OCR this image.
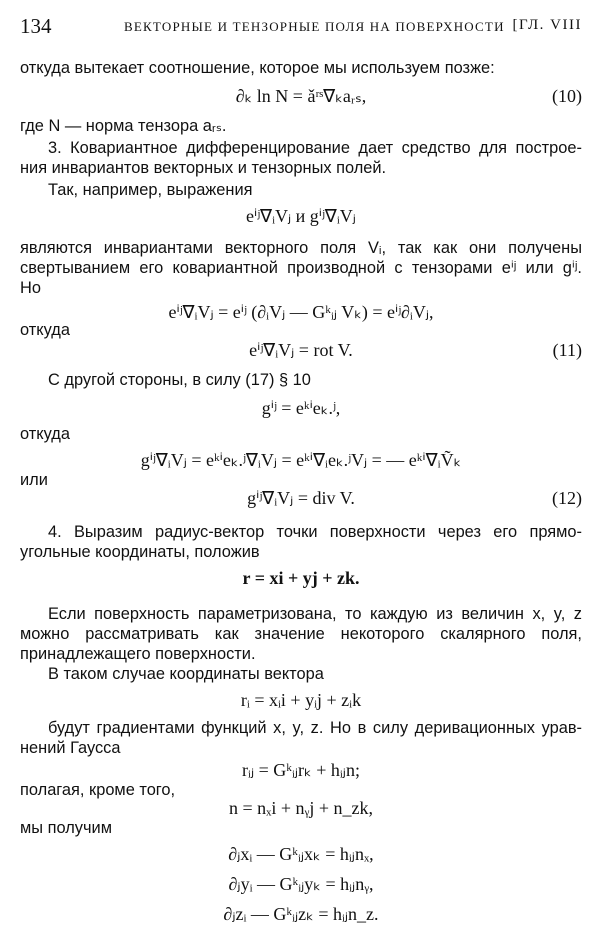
134	ВЕКТОРНЫЕ И ТЕНЗОРНЫЕ ПОЛЯ НА ПОВЕРХНОСТИ [ГЛ. VIII
откуда вытекает соотношение, которое мы используем позже:
∂ₖ ln N = ǎʳˢ∇ₖaᵣₛ,	(10)
где N — норма тензора aᵣₛ.
3. Ковариантное дифференцирование дает средство для построе-
ния инвариантов векторных и тензорных полей.
Так, например, выражения
eⁱʲ∇ᵢVⱼ и gⁱʲ∇ᵢVⱼ
являются инвариантами векторного поля Vᵢ, так как они получены
свертыванием его ковариантной производной с тензорами eⁱʲ или gⁱʲ.
Но
eⁱʲ∇ᵢVⱼ = eⁱʲ (∂ᵢVⱼ — Gᵏᵢⱼ Vₖ) = eⁱʲ∂ᵢVⱼ,
откуда
eⁱʲ∇ᵢVⱼ = rot V.	(11)
С другой стороны, в силу (17) § 10
gⁱʲ = eᵏⁱeₖ.ʲ,
откуда
gⁱʲ∇ᵢVⱼ = eᵏⁱeₖ.ʲ∇ᵢVⱼ = eᵏⁱ∇ᵢeₖ.ʲVⱼ = — eᵏⁱ∇ᵢṼₖ
или
gⁱʲ∇ᵢVⱼ = div V.	(12)
4. Выразим радиус-вектор точки поверхности через его прямо-
угольные координаты, положив
r = xi + yj + zk.
Если поверхность параметризована, то каждую из величин x, y, z
можно рассматривать как значение некоторого скалярного поля,
принадлежащего поверхности.
В таком случае координаты вектора
rᵢ = xᵢi + yᵢj + zᵢk
будут градиентами функций x, y, z. Но в силу деривационных урав-
нений Гаусса
rᵢⱼ = Gᵏᵢⱼrₖ + hᵢⱼn;
полагая, кроме того,
n = nₓi + nᵧj + n_zk,
мы получим
∂ⱼxᵢ — Gᵏᵢⱼxₖ = hᵢⱼnₓ,
∂ⱼyᵢ — Gᵏᵢⱼyₖ = hᵢⱼnᵧ,
∂ⱼzᵢ — Gᵏᵢⱼzₖ = hᵢⱼn_z.
